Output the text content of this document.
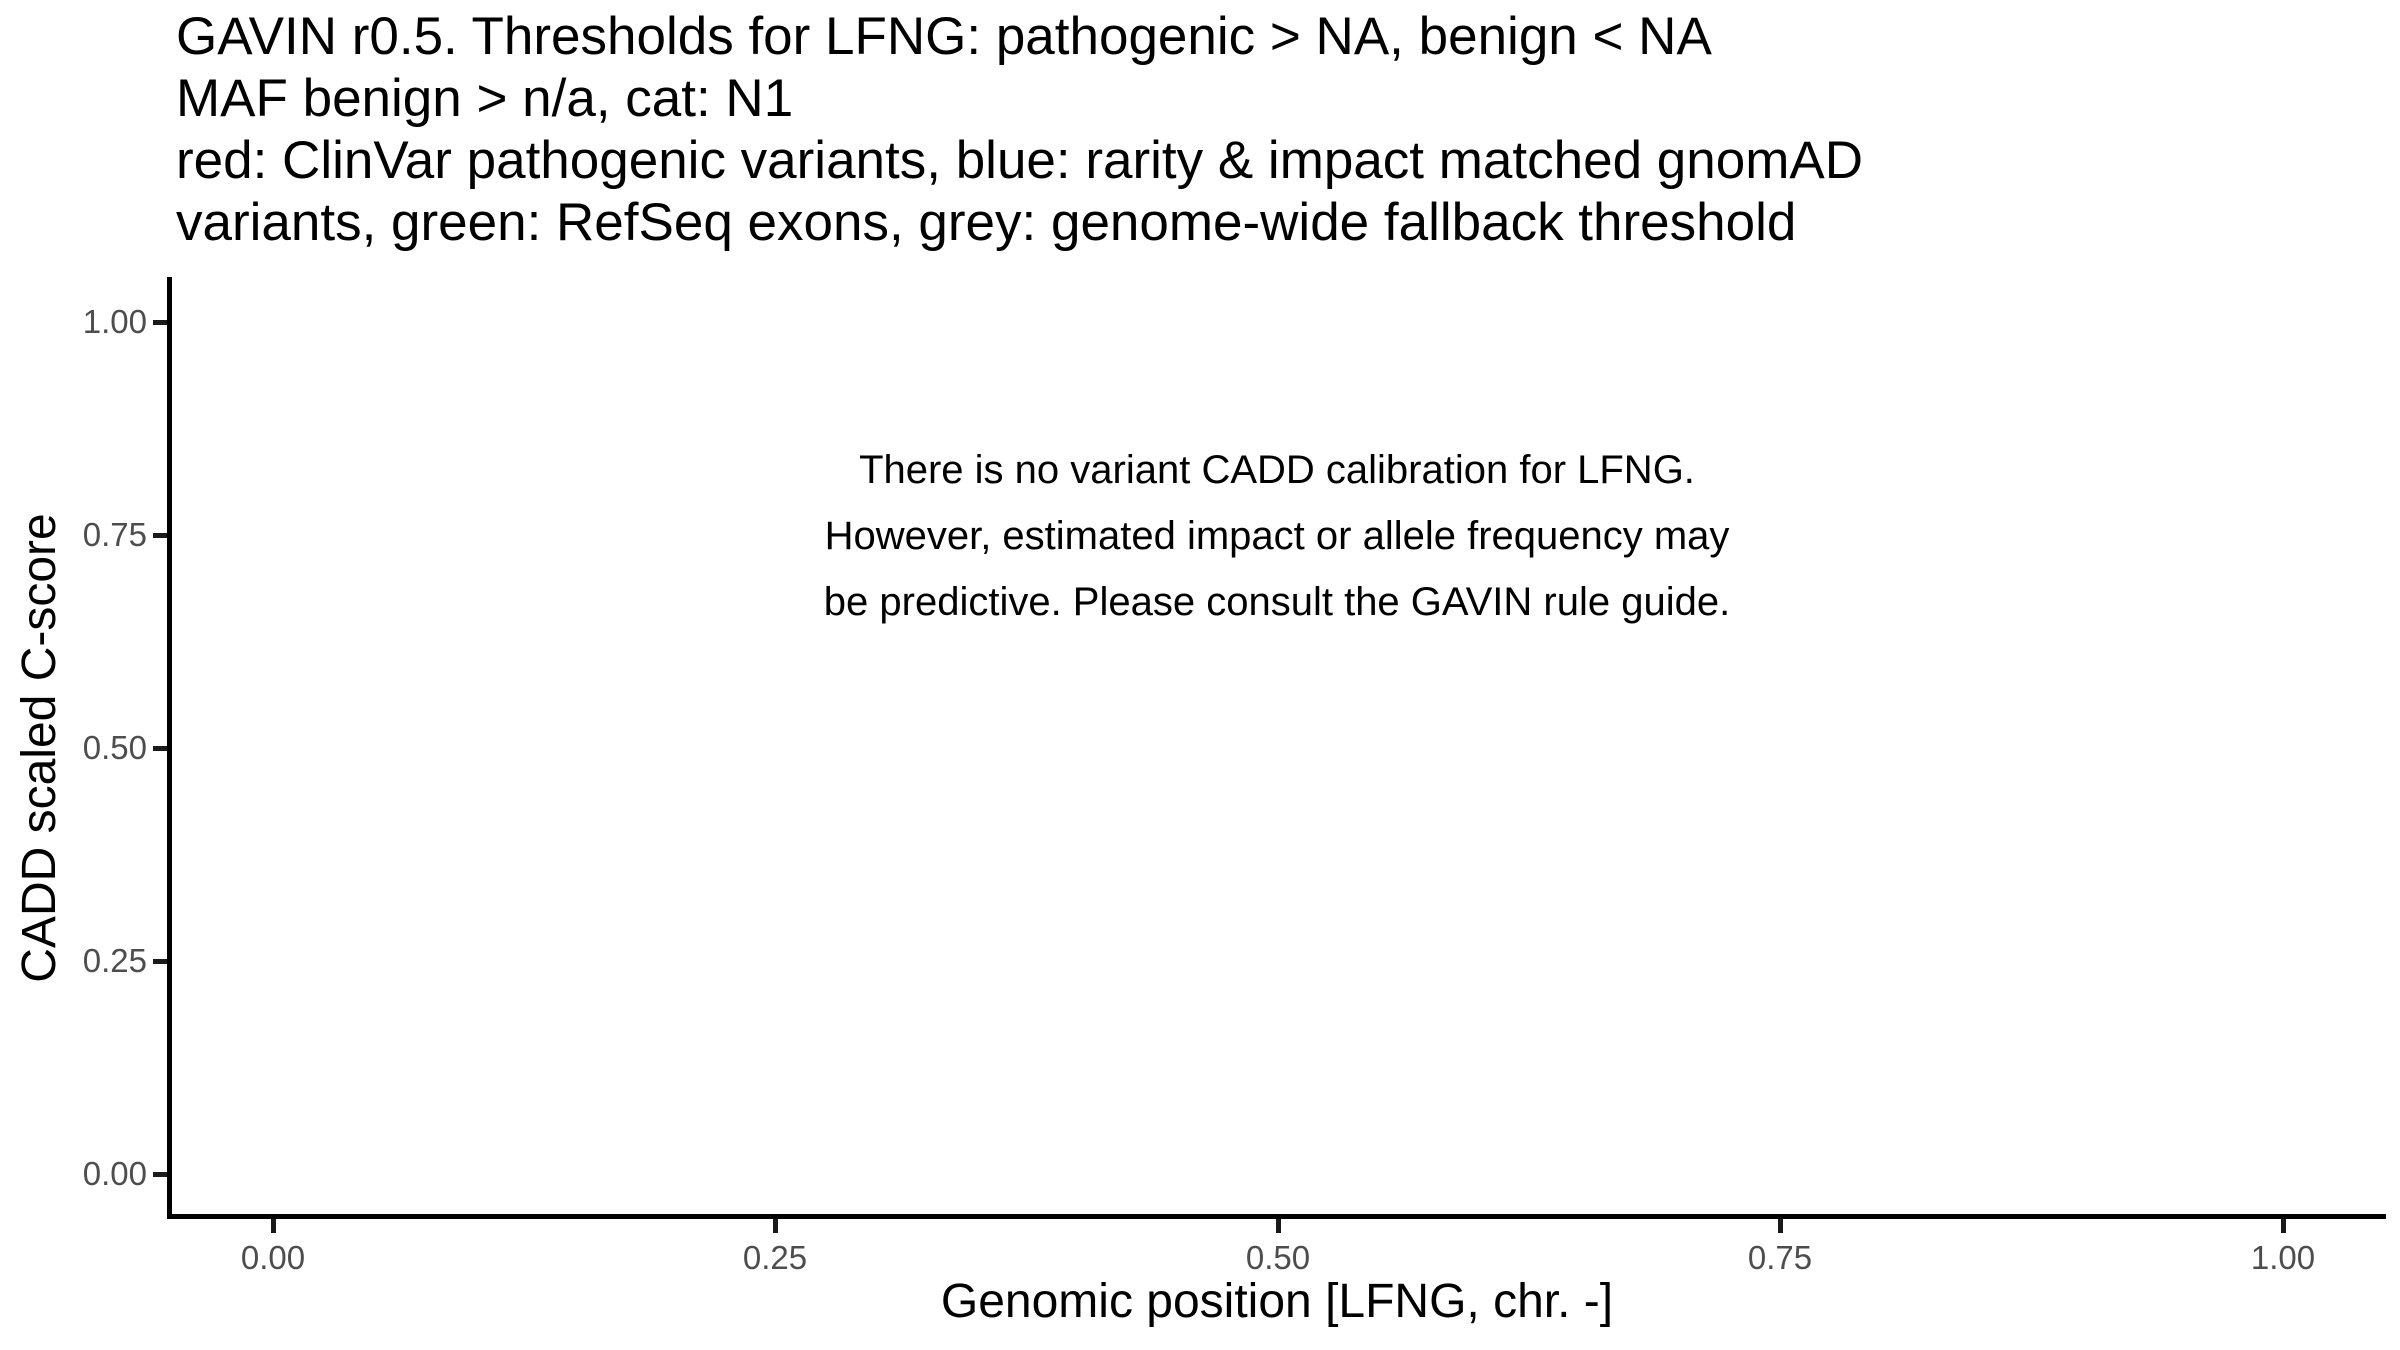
GAVIN r0.5. Thresholds for LFNG: pathogenic > NA, benign < NA
MAF benign > n/a, cat: N1
red: ClinVar pathogenic variants, blue: rarity & impact matched gnomAD
variants, green: RefSeq exons, grey: genome-wide fallback threshold
There is no variant CADD calibration for LFNG.
However, estimated impact or allele frequency may
be predictive. Please consult the GAVIN rule guide.
0.00
0.25
0.50
0.75
1.00
0.00	0.25	0.50	0.75	1.00
Genomic position [LFNG, chr. -]
CADD scaled C-score
